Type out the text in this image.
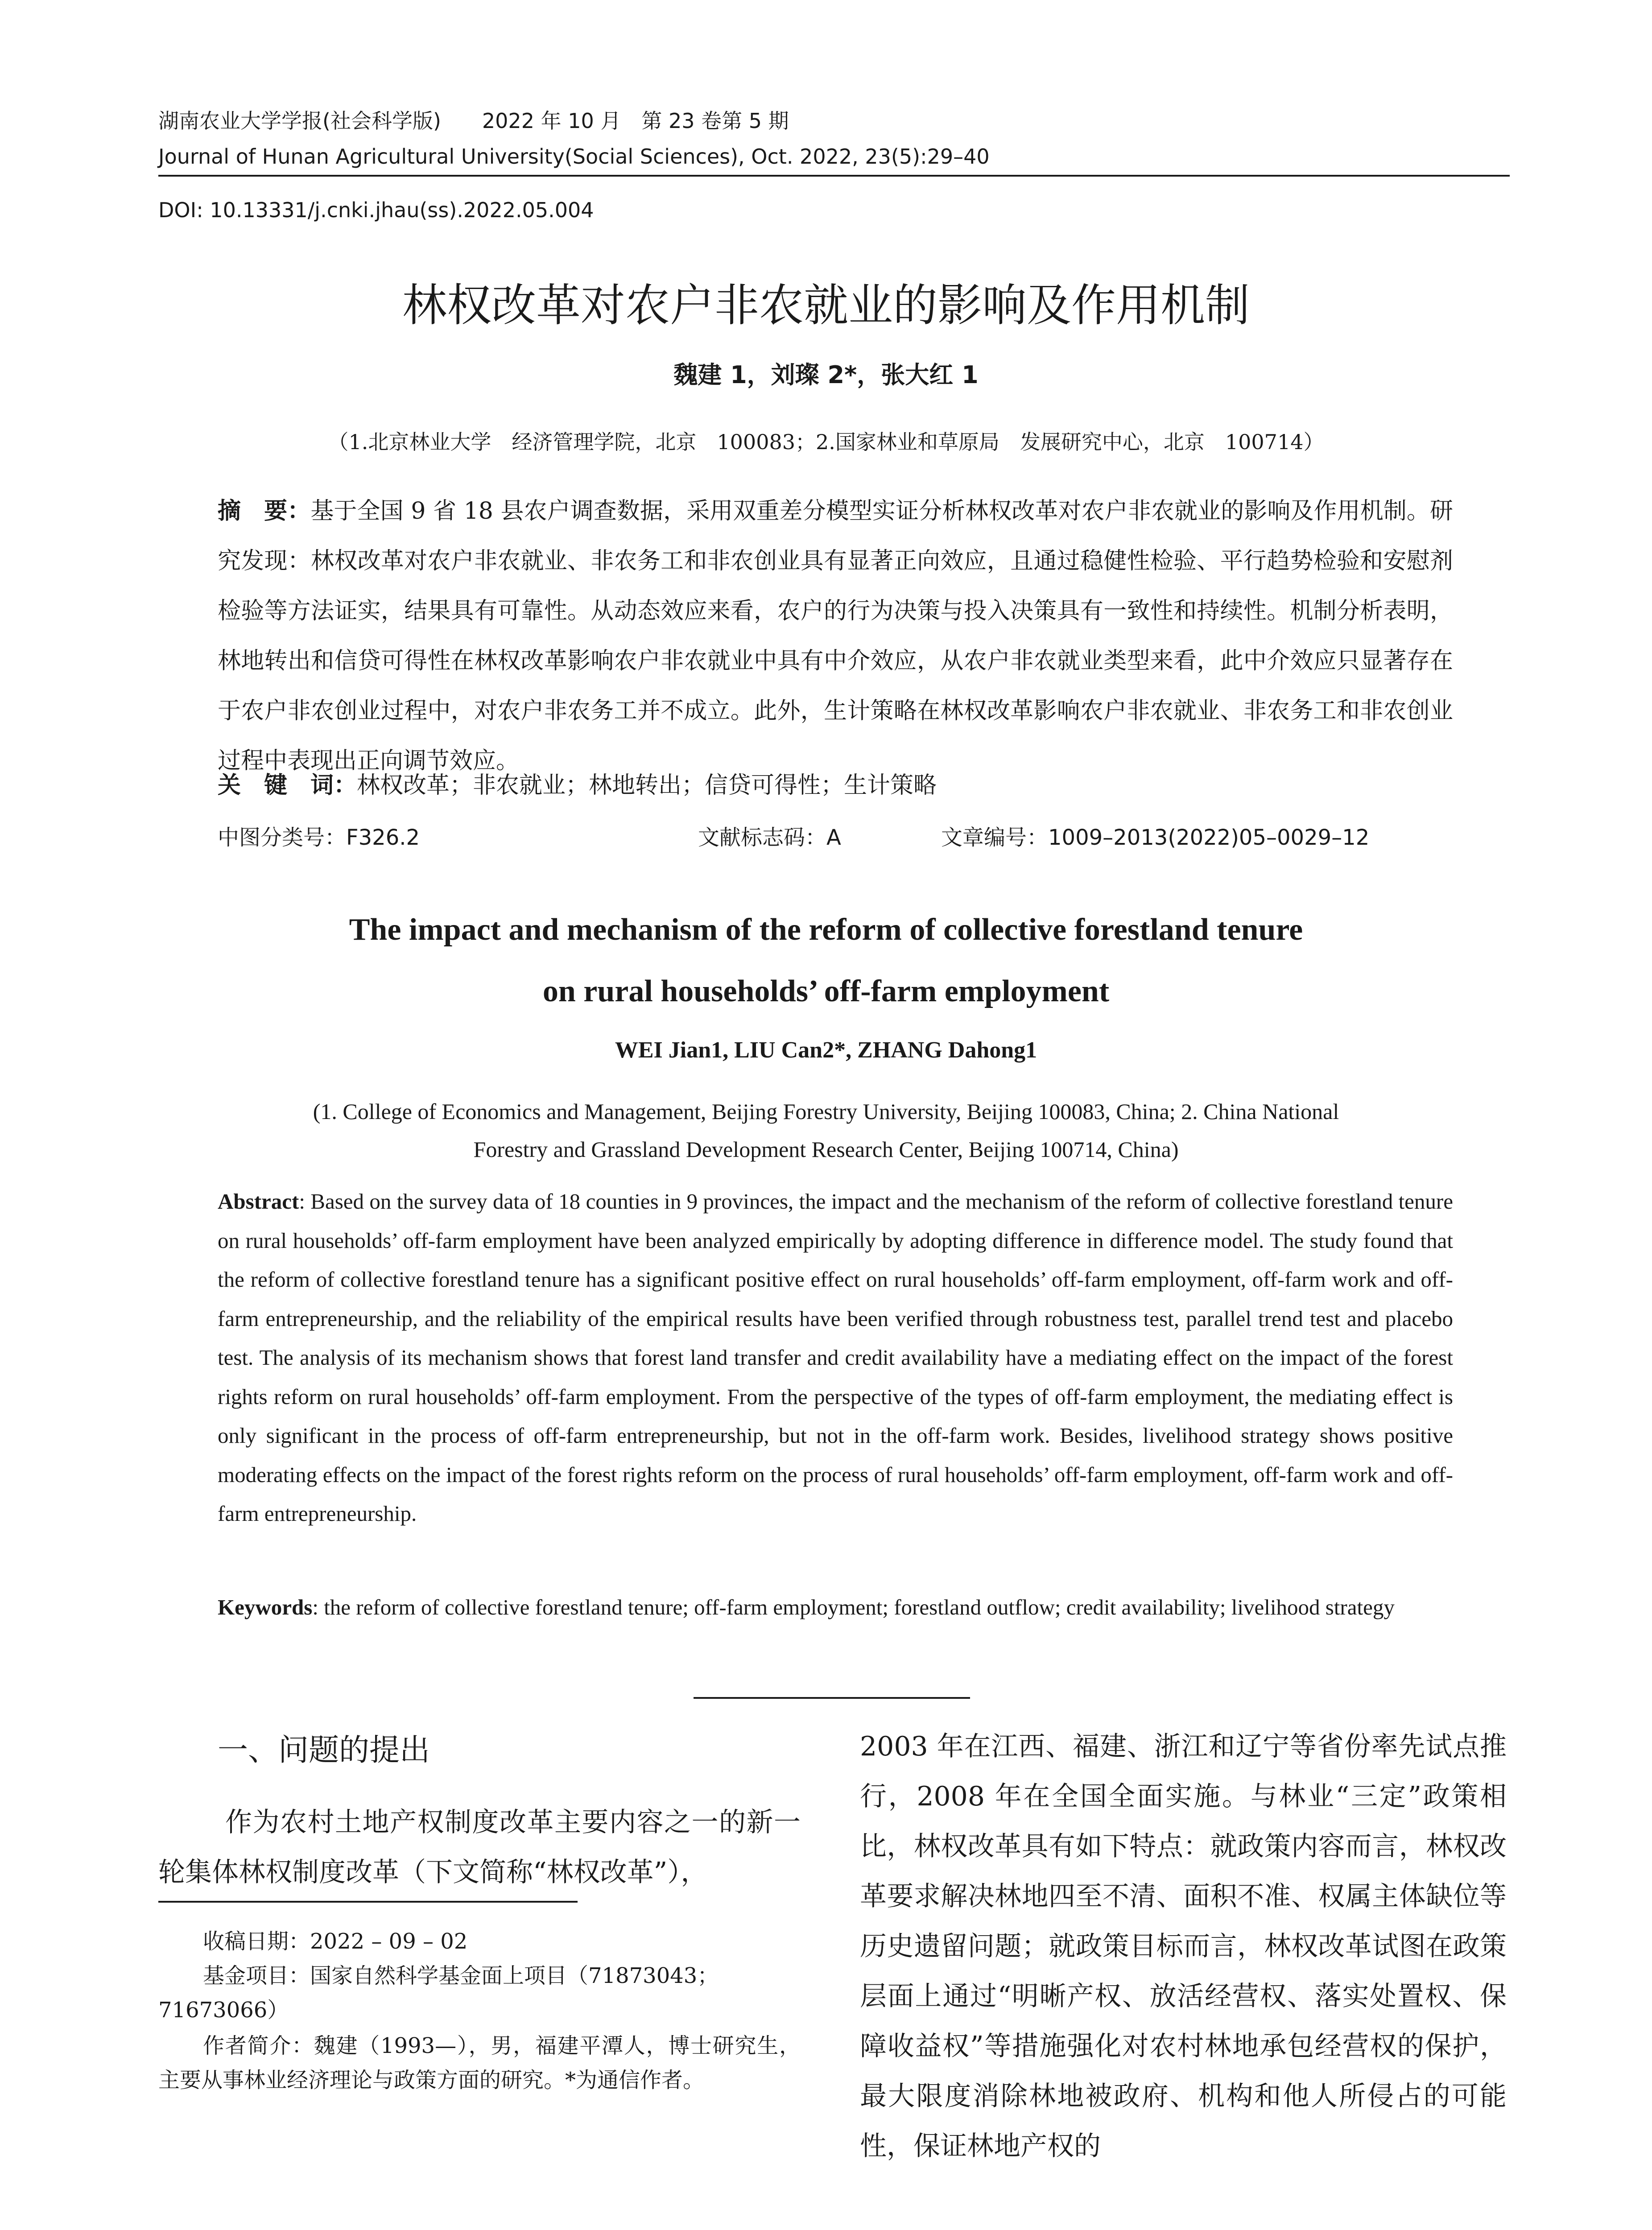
湖南农业大学学报(社会科学版)　　2022 年 10 月　第 23 卷第 5 期
Journal of Hunan Agricultural University(Social Sciences), Oct. 2022, 23(5):29–40
DOI: 10.13331/j.cnki.jhau(ss).2022.05.004
林权改革对农户非农就业的影响及作用机制
魏建 1，刘璨 2*，张大红 1
（1.北京林业大学　经济管理学院，北京　100083；2.国家林业和草原局　发展研究中心，北京　100714）
摘　要：基于全国 9 省 18 县农户调查数据，采用双重差分模型实证分析林权改革对农户非农就业的影响及作用机制。研究发现：林权改革对农户非农就业、非农务工和非农创业具有显著正向效应，且通过稳健性检验、平行趋势检验和安慰剂检验等方法证实，结果具有可靠性。从动态效应来看，农户的行为决策与投入决策具有一致性和持续性。机制分析表明，林地转出和信贷可得性在林权改革影响农户非农就业中具有中介效应，从农户非农就业类型来看，此中介效应只显著存在于农户非农创业过程中，对农户非农务工并不成立。此外，生计策略在林权改革影响农户非农就业、非农务工和非农创业过程中表现出正向调节效应。
关　键　词：林权改革；非农就业；林地转出；信贷可得性；生计策略
中图分类号：F326.2	文献标志码：A	文章编号：1009–2013(2022)05–0029–12
The impact and mechanism of the reform of collective forestland tenure
on rural households’ off-farm employment
WEI Jian1, LIU Can2*, ZHANG Dahong1
(1. College of Economics and Management, Beijing Forestry University, Beijing 100083, China; 2. China National
Forestry and Grassland Development Research Center, Beijing 100714, China)
Abstract: Based on the survey data of 18 counties in 9 provinces, the impact and the mechanism of the reform of collective forestland tenure on rural households’ off-farm employment have been analyzed empirically by adopting difference in difference model. The study found that the reform of collective forestland tenure has a significant positive effect on rural households’ off-farm employment, off-farm work and off-farm entrepreneurship, and the reliability of the empirical results have been verified through robustness test, parallel trend test and placebo test. The analysis of its mechanism shows that forest land transfer and credit availability have a mediating effect on the impact of the forest rights reform on rural households’ off-farm employment. From the perspective of the types of off-farm employment, the mediating effect is only significant in the process of off-farm entrepreneurship, but not in the off-farm work. Besides, livelihood strategy shows positive moderating effects on the impact of the forest rights reform on the process of rural households’ off-farm employment, off-farm work and off-farm entrepreneurship.
Keywords: the reform of collective forestland tenure; off-farm employment; forestland outflow; credit availability; livelihood strategy
一、问题的提出
作为农村土地产权制度改革主要内容之一的新一轮集体林权制度改革（下文简称“林权改革”），
收稿日期：2022 – 09 – 02
基金项目：国家自然科学基金面上项目（71873043；
71673066）
作者简介：魏建（1993—），男，福建平潭人，博士研究生，主要从事林业经济理论与政策方面的研究。*为通信作者。
2003 年在江西、福建、浙江和辽宁等省份率先试点推行，2008 年在全国全面实施。与林业“三定”政策相比，林权改革具有如下特点：就政策内容而言，林权改革要求解决林地四至不清、面积不准、权属主体缺位等历史遗留问题；就政策目标而言，林权改革试图在政策层面上通过“明晰产权、放活经营权、落实处置权、保障收益权”等措施强化对农村林地承包经营权的保护，最大限度消除林地被政府、机构和他人所侵占的可能性，保证林地产权的
